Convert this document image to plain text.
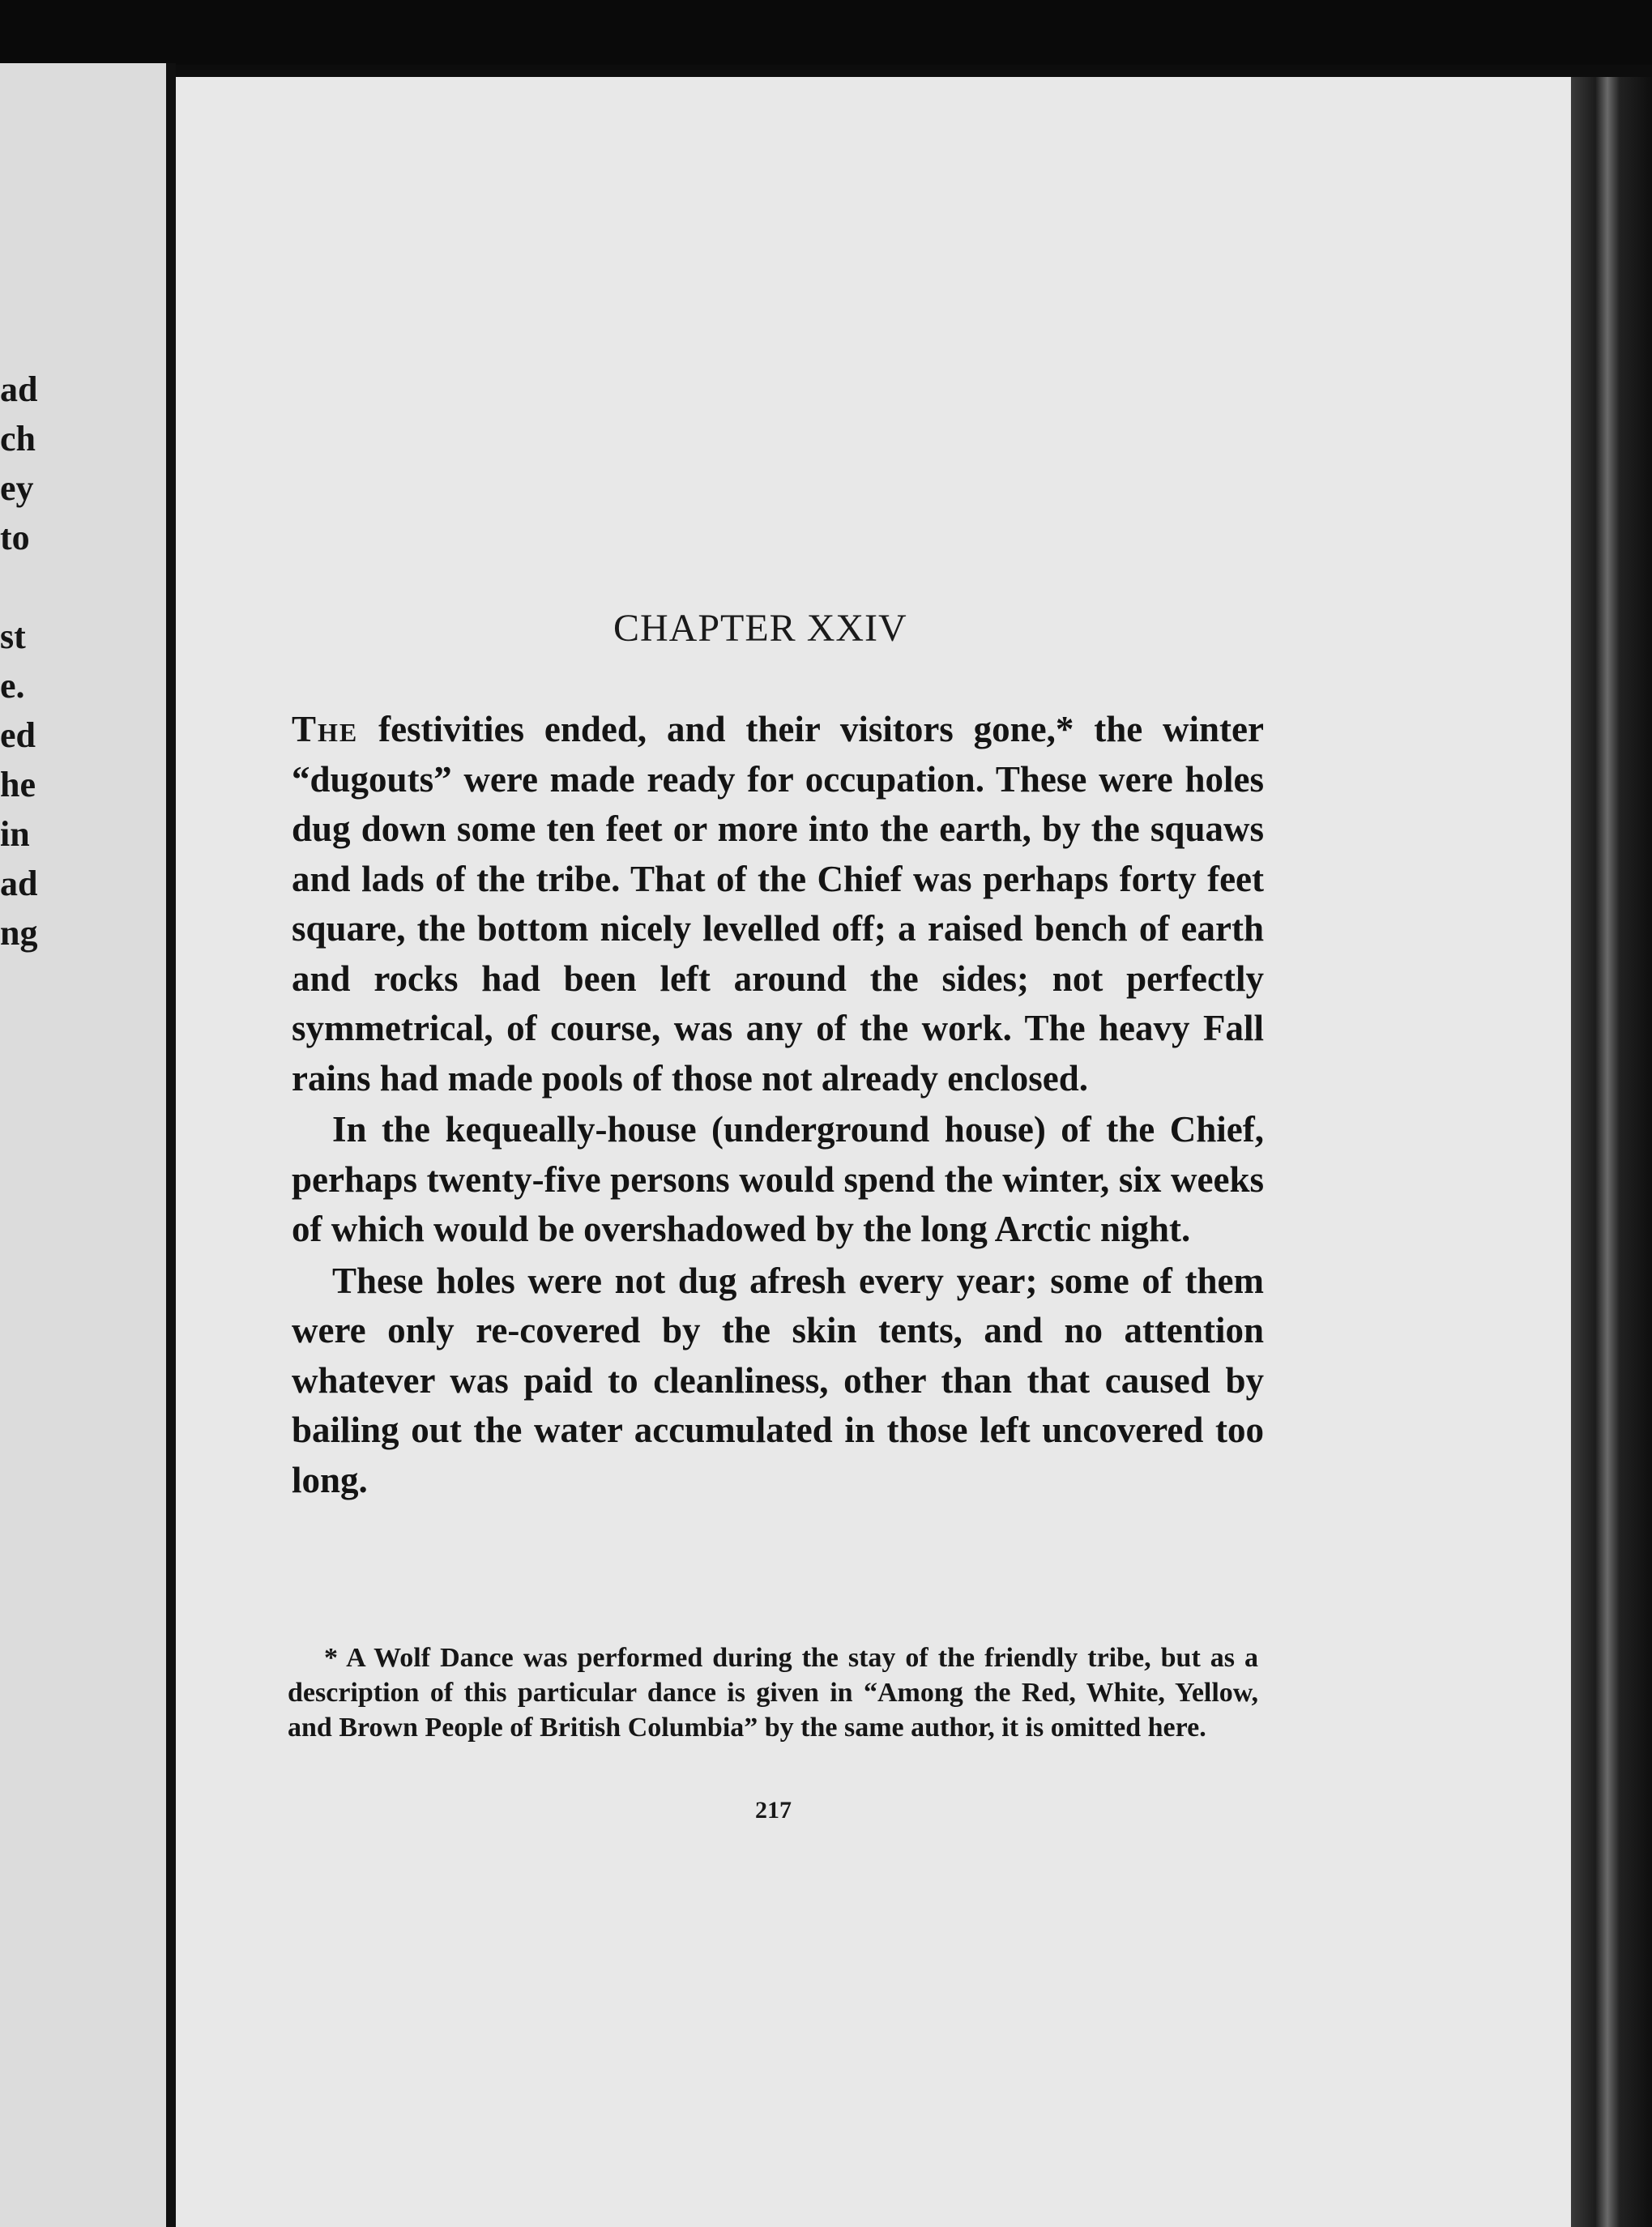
ad
ch
ey
to
st
e.
ed
he
in
ad
ng
CHAPTER XXIV

The festivities ended, and their visitors gone,* the winter “dugouts” were made ready for occupation. These were holes dug down some ten feet or more into the earth, by the squaws and lads of the tribe. That of the Chief was perhaps forty feet square, the bottom nicely levelled off; a raised bench of earth and rocks had been left around the sides; not perfectly symmetrical, of course, was any of the work. The heavy Fall rains had made pools of those not already enclosed.

In the kequeally-house (underground house) of the Chief, perhaps twenty-five persons would spend the winter, six weeks of which would be overshadowed by the long Arctic night.

These holes were not dug afresh every year; some of them were only re-covered by the skin tents, and no attention whatever was paid to cleanliness, other than that caused by bailing out the water accumulated in those left uncovered too long.

* A Wolf Dance was performed during the stay of the friendly tribe, but as a description of this particular dance is given in “Among the Red, White, Yellow, and Brown People of British Columbia” by the same author, it is omitted here.

217
